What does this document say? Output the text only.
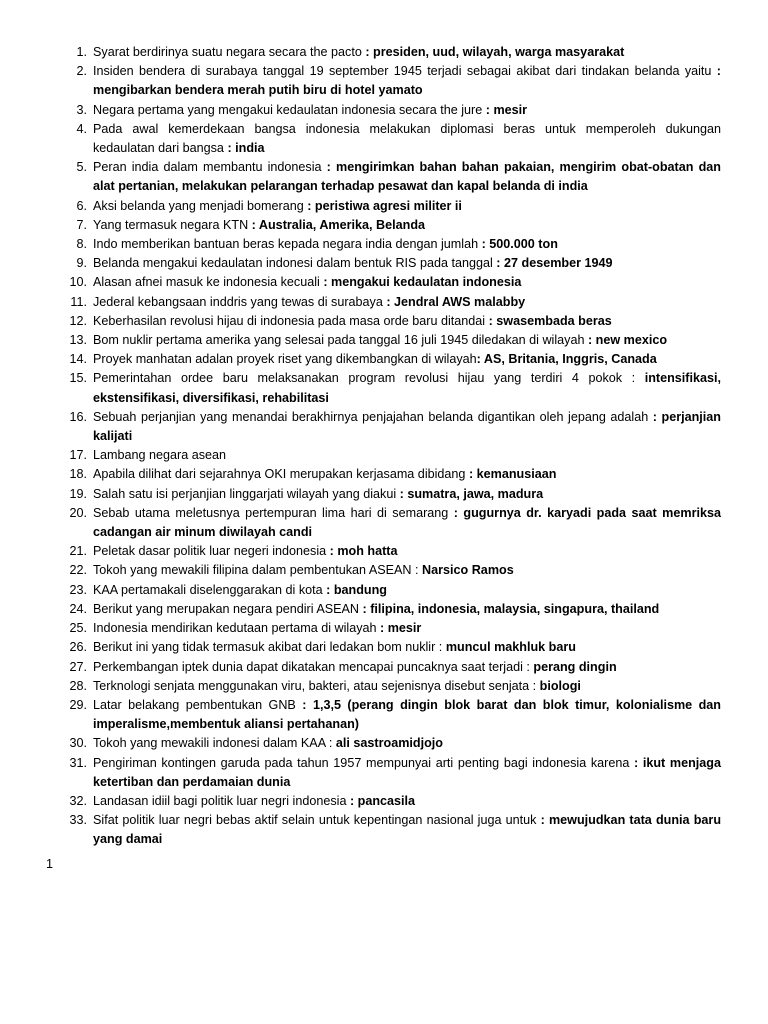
1. Syarat berdirinya suatu negara secara the pacto : presiden, uud, wilayah, warga masyarakat
2. Insiden bendera di surabaya tanggal 19 september 1945 terjadi sebagai akibat dari tindakan belanda yaitu : mengibarkan bendera merah putih biru di hotel yamato
3. Negara pertama yang mengakui kedaulatan indonesia secara the jure : mesir
4. Pada awal kemerdekaan bangsa indonesia melakukan diplomasi beras untuk memperoleh dukungan kedaulatan dari bangsa : india
5. Peran india dalam membantu indonesia : mengirimkan bahan bahan pakaian, mengirim obat-obatan dan alat pertanian, melakukan pelarangan terhadap pesawat dan kapal belanda di india
6. Aksi belanda yang menjadi bomerang : peristiwa agresi militer ii
7. Yang termasuk negara KTN : Australia, Amerika, Belanda
8. Indo memberikan bantuan beras kepada negara india dengan jumlah : 500.000 ton
9. Belanda mengakui kedaulatan indonesi dalam bentuk RIS pada tanggal : 27 desember 1949
10. Alasan afnei masuk ke indonesia kecuali : mengakui kedaulatan indonesia
11. Jederal kebangsaan inddris yang tewas di surabaya : Jendral AWS malabby
12. Keberhasilan revolusi hijau di indonesia pada masa orde baru ditandai : swasembada beras
13. Bom nuklir pertama amerika yang selesai pada tanggal 16 juli 1945 diledakan di wilayah : new mexico
14. Proyek manhatan adalan proyek riset yang dikembangkan di wilayah: AS, Britania, Inggris, Canada
15. Pemerintahan ordee baru melaksanakan program revolusi hijau yang terdiri 4 pokok : intensifikasi, ekstensifikasi, diversifikasi, rehabilitasi
16. Sebuah perjanjian yang menandai berakhirnya penjajahan belanda digantikan oleh jepang adalah : perjanjian kalijati
17. Lambang negara asean
18. Apabila dilihat dari sejarahnya OKI merupakan kerjasama dibidang : kemanusiaan
19. Salah satu isi perjanjian linggarjati wilayah yang diakui : sumatra, jawa, madura
20. Sebab utama meletusnya pertempuran lima hari di semarang : gugurnya dr. karyadi pada saat memriksa cadangan air minum diwilayah candi
21. Peletak dasar politik luar negeri indonesia : moh hatta
22. Tokoh yang mewakili filipina dalam pembentukan ASEAN : Narsico Ramos
23. KAA pertamakali diselenggarakan di kota : bandung
24. Berikut yang merupakan negara pendiri ASEAN : filipina, indonesia, malaysia, singapura, thailand
25. Indonesia mendirikan kedutaan pertama di wilayah : mesir
26. Berikut ini yang tidak termasuk akibat dari ledakan bom nuklir : muncul makhluk baru
27. Perkembangan iptek dunia dapat dikatakan mencapai puncaknya saat terjadi : perang dingin
28. Terknologi senjata menggunakan viru, bakteri, atau sejenisnya disebut senjata : biologi
29. Latar belakang pembentukan GNB : 1,3,5 (perang dingin blok barat dan blok timur, kolonialisme dan imperalisme,membentuk aliansi pertahanan)
30. Tokoh yang mewakili indonesi dalam KAA : ali sastroamidjojo
31. Pengiriman kontingen garuda pada tahun 1957 mempunyai arti penting bagi indonesia karena : ikut menjaga ketertiban dan perdamaian dunia
32. Landasan idiil bagi politik luar negri indonesia : pancasila
33. Sifat politik luar negri bebas aktif selain untuk kepentingan nasional juga untuk : mewujudkan tata dunia baru yang damai
1
